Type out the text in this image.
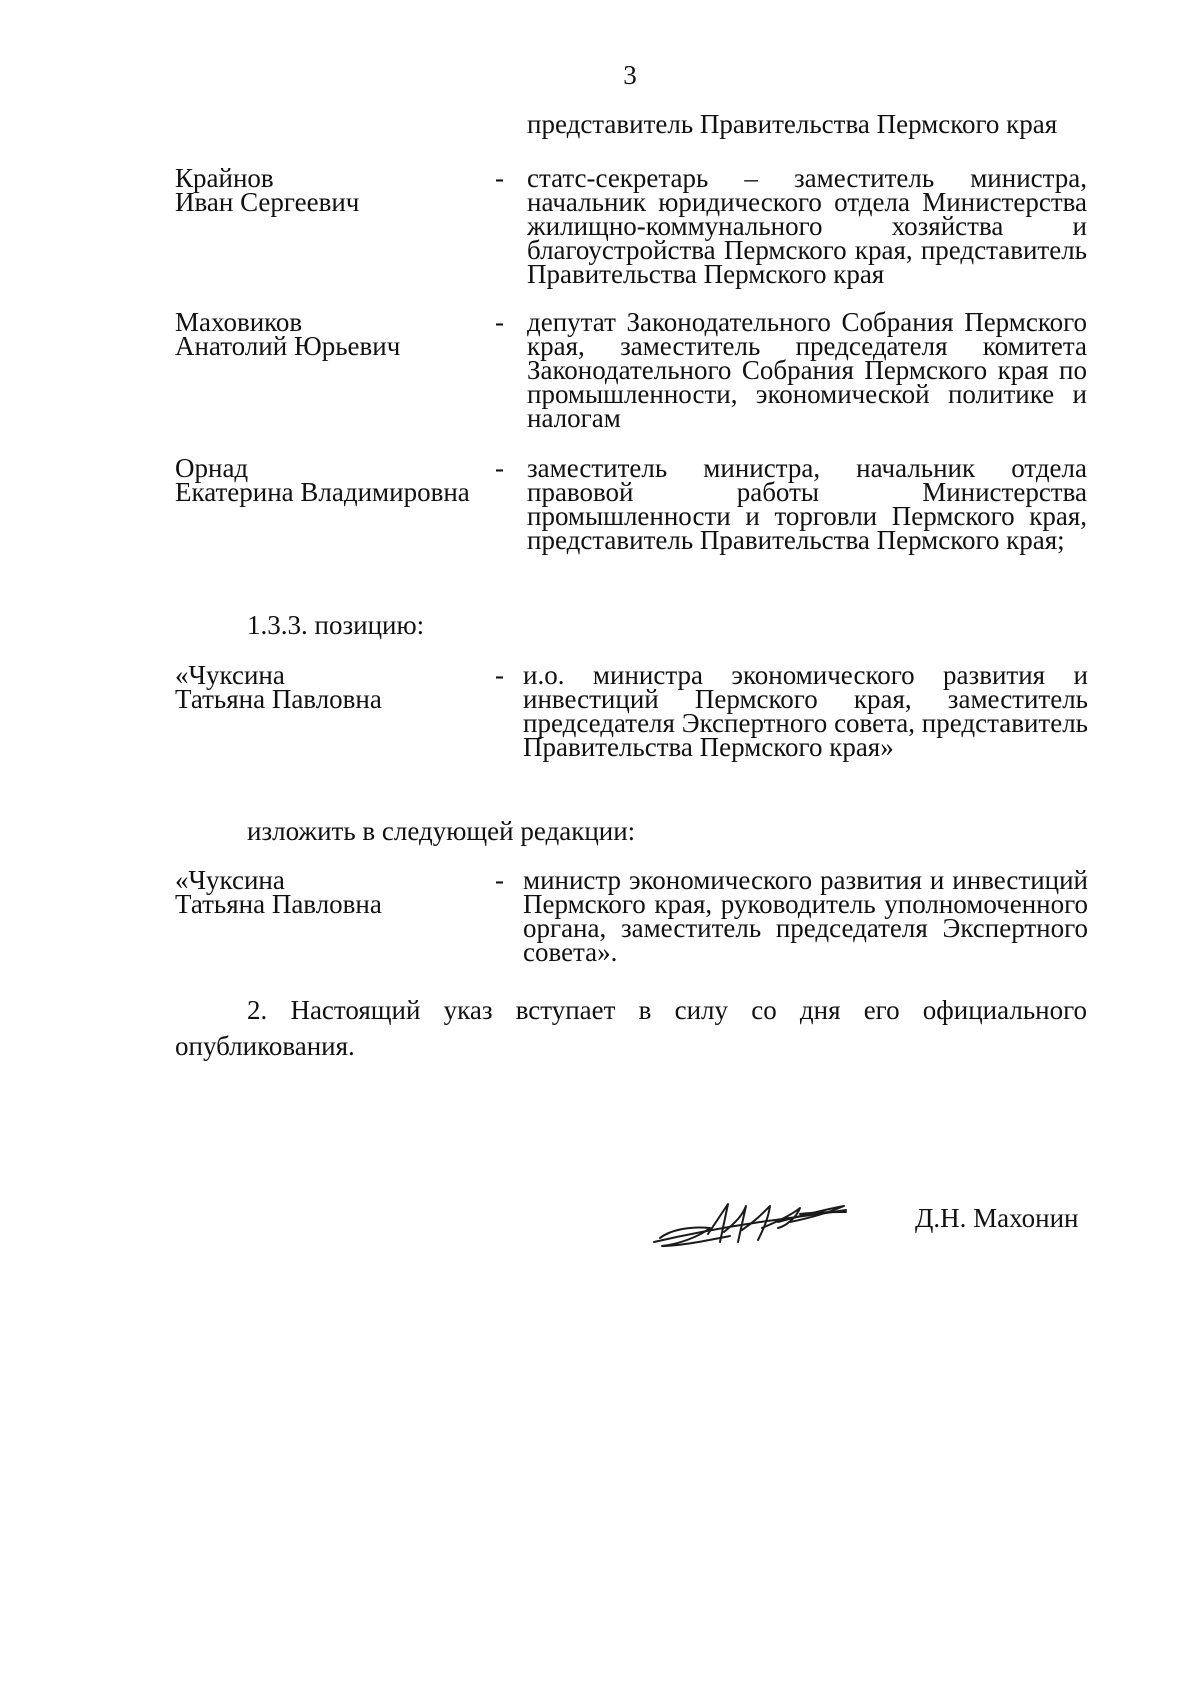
3
представитель Правительства Пермского края
Крайнов
Иван Сергеевич
- статс-секретарь – заместитель министра, начальник юридического отдела Министерства жилищно-коммунального хозяйства и благоустройства Пермского края, представитель Правительства Пермского края
Маховиков
Анатолий Юрьевич
- депутат Законодательного Собрания Пермского края, заместитель председателя комитета Законодательного Собрания Пермского края по промышленности, экономической политике и налогам
Орнад
Екатерина Владимировна
- заместитель министра, начальник отдела правовой работы Министерства промышленности и торговли Пермского края, представитель Правительства Пермского края;
1.3.3. позицию:
«Чуксина
Татьяна Павловна
- и.о. министра экономического развития и инвестиций Пермского края, заместитель председателя Экспертного совета, представитель Правительства Пермского края»
изложить в следующей редакции:
«Чуксина
Татьяна Павловна
- министр экономического развития и инвестиций Пермского края, руководитель уполномоченного органа, заместитель председателя Экспертного совета».
2. Настоящий указ вступает в силу со дня его официального опубликования.
Д.Н. Махонин
